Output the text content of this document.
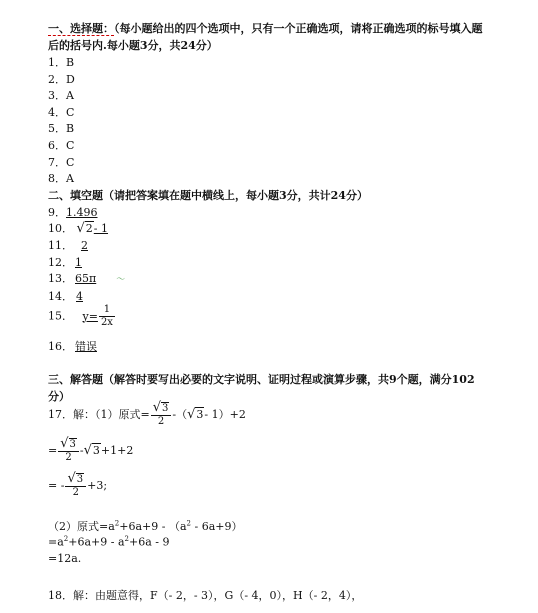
一、选择题：（每小题给出的四个选项中，只有一个正确选项，请将正确选项的标号填入题
后的括号内.每小题3分，共24分）
1．B
2．D
3．A
4．C
5．B
6．C
7．C
8．A
二、填空题（请把答案填在题中横线上，每小题3分，共计24分）
9．1.496
10． √2- 1
11． 2
12． 1
13． 65π ～
14． 4
15． $y= \frac{1}{2x}$
16． 错误
三、解答题（解答时要写出必要的文字说明、证明过程或演算步骤，共9个题，满分102
分）
17．解：（1）原式= $\frac{√3}{2} -(√3-$ 1）+2
= $\frac{√3}{2} -√3+1+2$
= - $\frac{√3}{2} +3$;
（2）原式$=a^2+6a+9 - (a^2 - 6a+9)$
$=a^2+6a+9 - a^2+6a - 9$
=12a.
18．解：由题意得，F（- 2，- 3），G（- 4，0），H（- 2，4），
